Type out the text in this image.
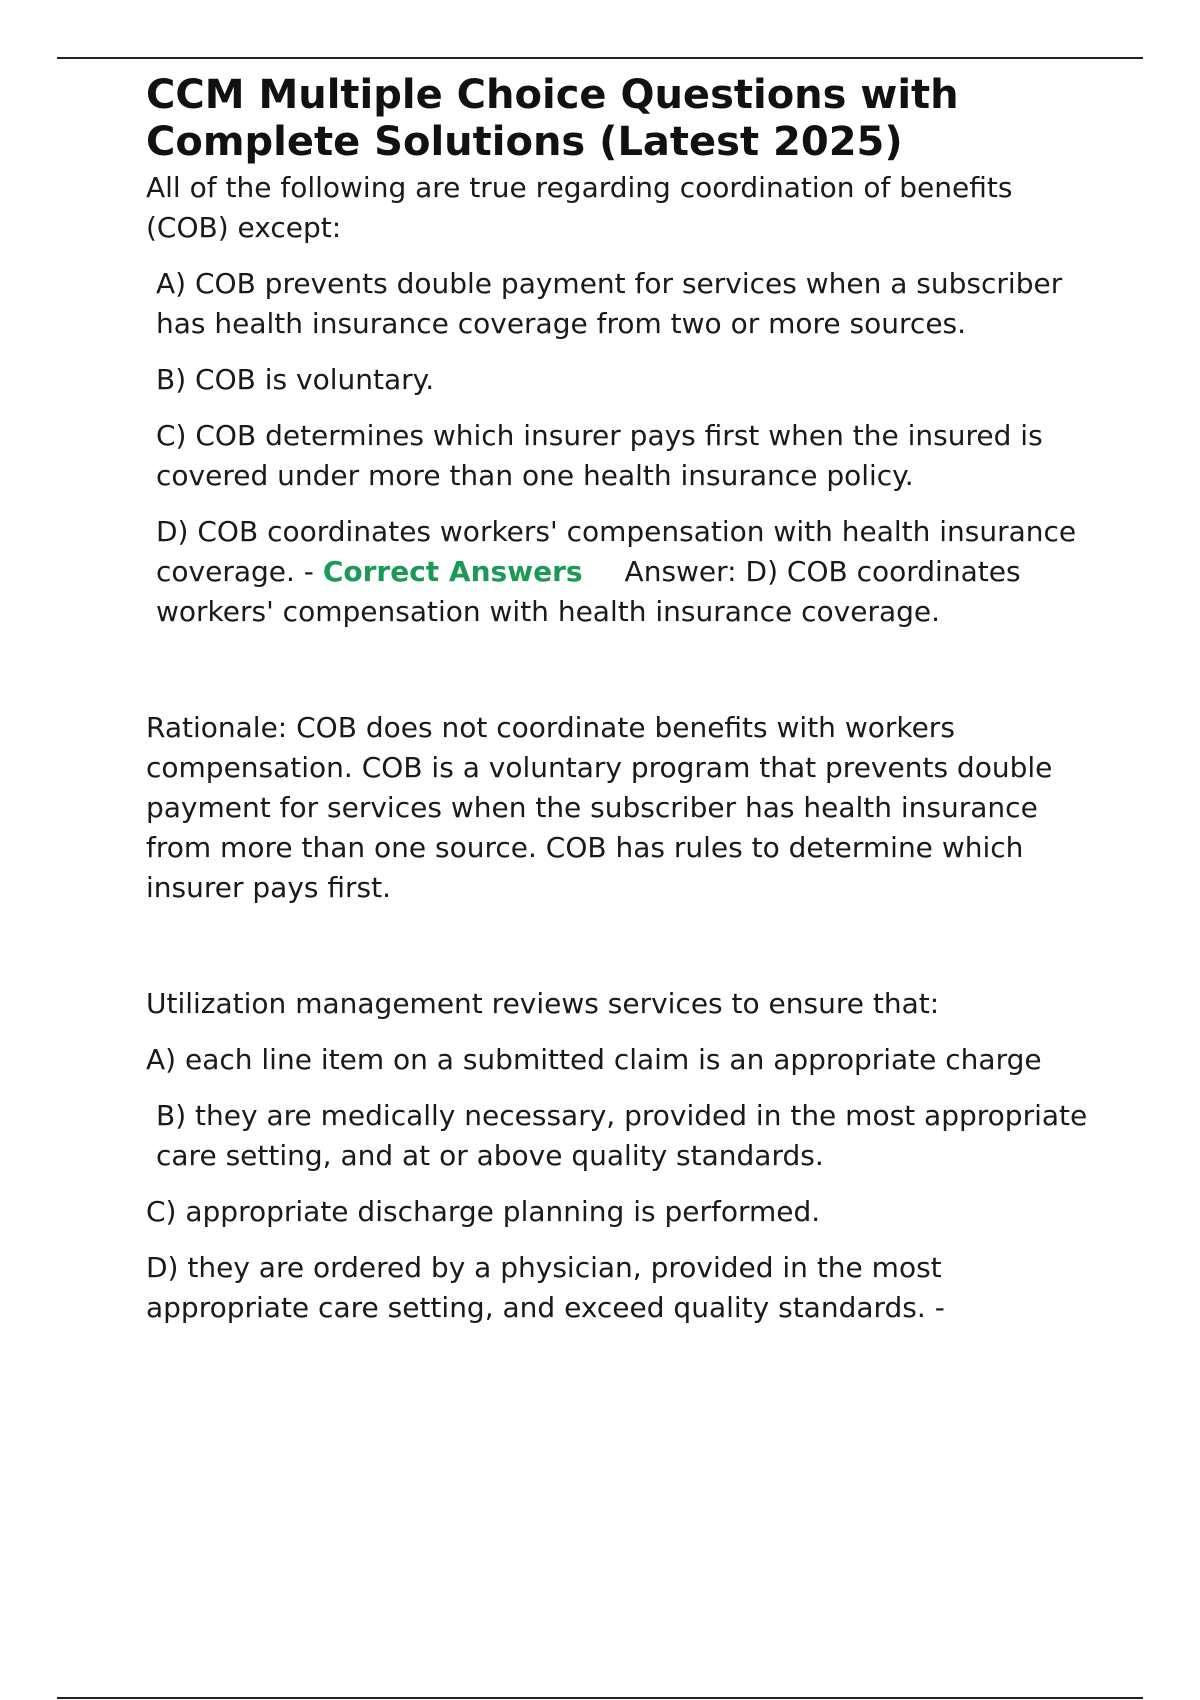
CCM Multiple Choice Questions with Complete Solutions (Latest 2025)

All of the following are true regarding coordination of benefits (COB) except:

A) COB prevents double payment for services when a subscriber has health insurance coverage from two or more sources.

B) COB is voluntary.

C) COB determines which insurer pays first when the insured is covered under more than one health insurance policy.

D) COB coordinates workers' compensation with health insurance coverage. - Correct Answers Answer: D) COB coordinates workers' compensation with health insurance coverage.

Rationale: COB does not coordinate benefits with workers compensation. COB is a voluntary program that prevents double payment for services when the subscriber has health insurance from more than one source. COB has rules to determine which insurer pays first.

Utilization management reviews services to ensure that:

A) each line item on a submitted claim is an appropriate charge

B) they are medically necessary, provided in the most appropriate care setting, and at or above quality standards.

C) appropriate discharge planning is performed.

D) they are ordered by a physician, provided in the most appropriate care setting, and exceed quality standards. -
